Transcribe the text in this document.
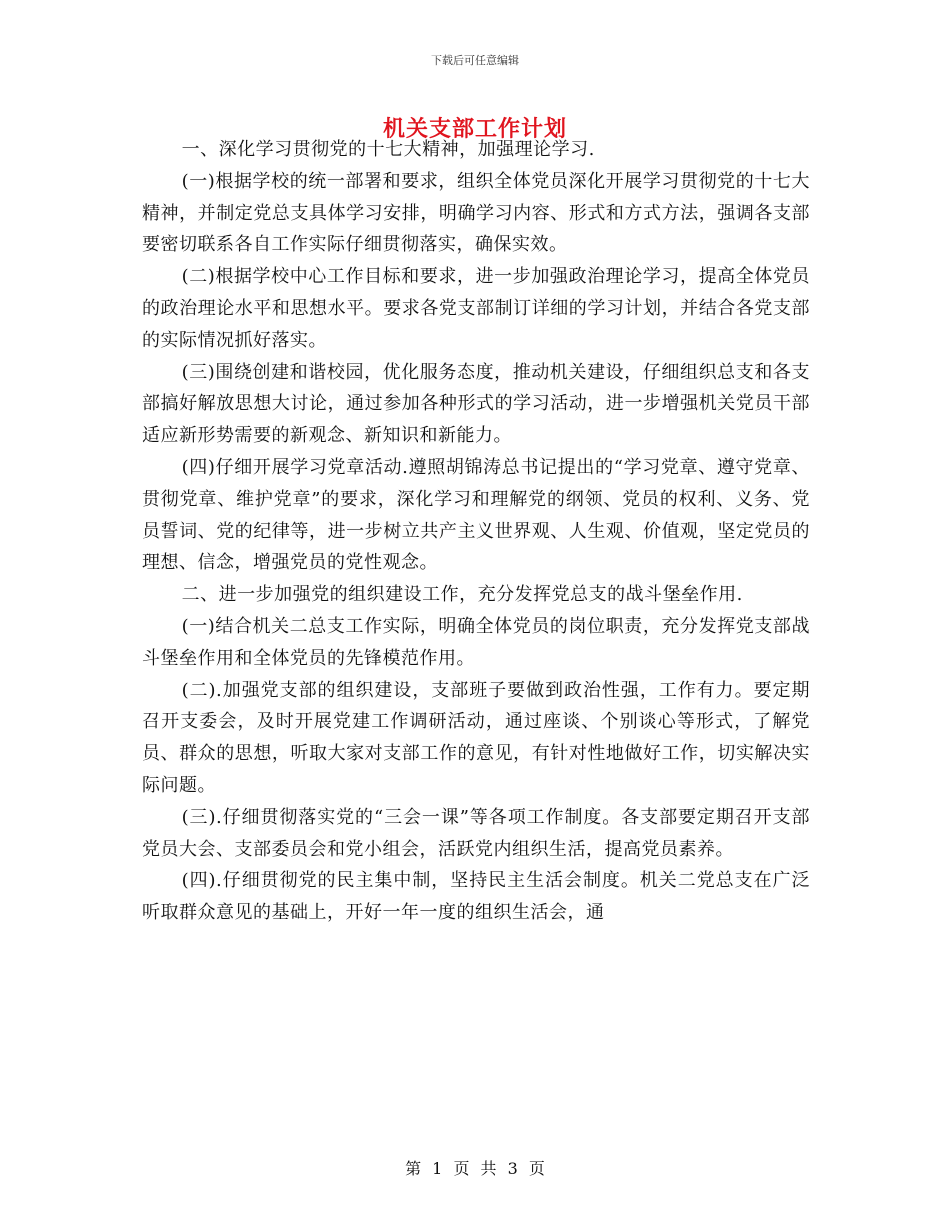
下载后可任意编辑
机关支部工作计划

一、深化学习贯彻党的十七大精神，加强理论学习.

(一)根据学校的统一部署和要求，组织全体党员深化开展学习贯彻党的十七大精神，并制定党总支具体学习安排，明确学习内容、形式和方式方法，强调各支部要密切联系各自工作实际仔细贯彻落实，确保实效。

(二)根据学校中心工作目标和要求，进一步加强政治理论学习，提高全体党员的政治理论水平和思想水平。要求各党支部制订详细的学习计划，并结合各党支部的实际情况抓好落实。

(三)围绕创建和谐校园，优化服务态度，推动机关建设，仔细组织总支和各支部搞好解放思想大讨论，通过参加各种形式的学习活动，进一步增强机关党员干部适应新形势需要的新观念、新知识和新能力。

(四)仔细开展学习党章活动.遵照胡锦涛总书记提出的“学习党章、遵守党章、贯彻党章、维护党章”的要求，深化学习和理解党的纲领、党员的权利、义务、党员誓词、党的纪律等，进一步树立共产主义世界观、人生观、价值观，坚定党员的理想、信念，增强党员的党性观念。

二、进一步加强党的组织建设工作，充分发挥党总支的战斗堡垒作用.

(一)结合机关二总支工作实际，明确全体党员的岗位职责，充分发挥党支部战斗堡垒作用和全体党员的先锋模范作用。

(二).加强党支部的组织建设，支部班子要做到政治性强，工作有力。要定期召开支委会，及时开展党建工作调研活动，通过座谈、个别谈心等形式，了解党员、群众的思想，听取大家对支部工作的意见，有针对性地做好工作，切实解决实际问题。

(三).仔细贯彻落实党的“三会一课”等各项工作制度。各支部要定期召开支部党员大会、支部委员会和党小组会，活跃党内组织生活，提高党员素养。

(四).仔细贯彻党的民主集中制，坚持民主生活会制度。机关二党总支在广泛听取群众意见的基础上，开好一年一度的组织生活会，通

第 1 页 共 3 页
